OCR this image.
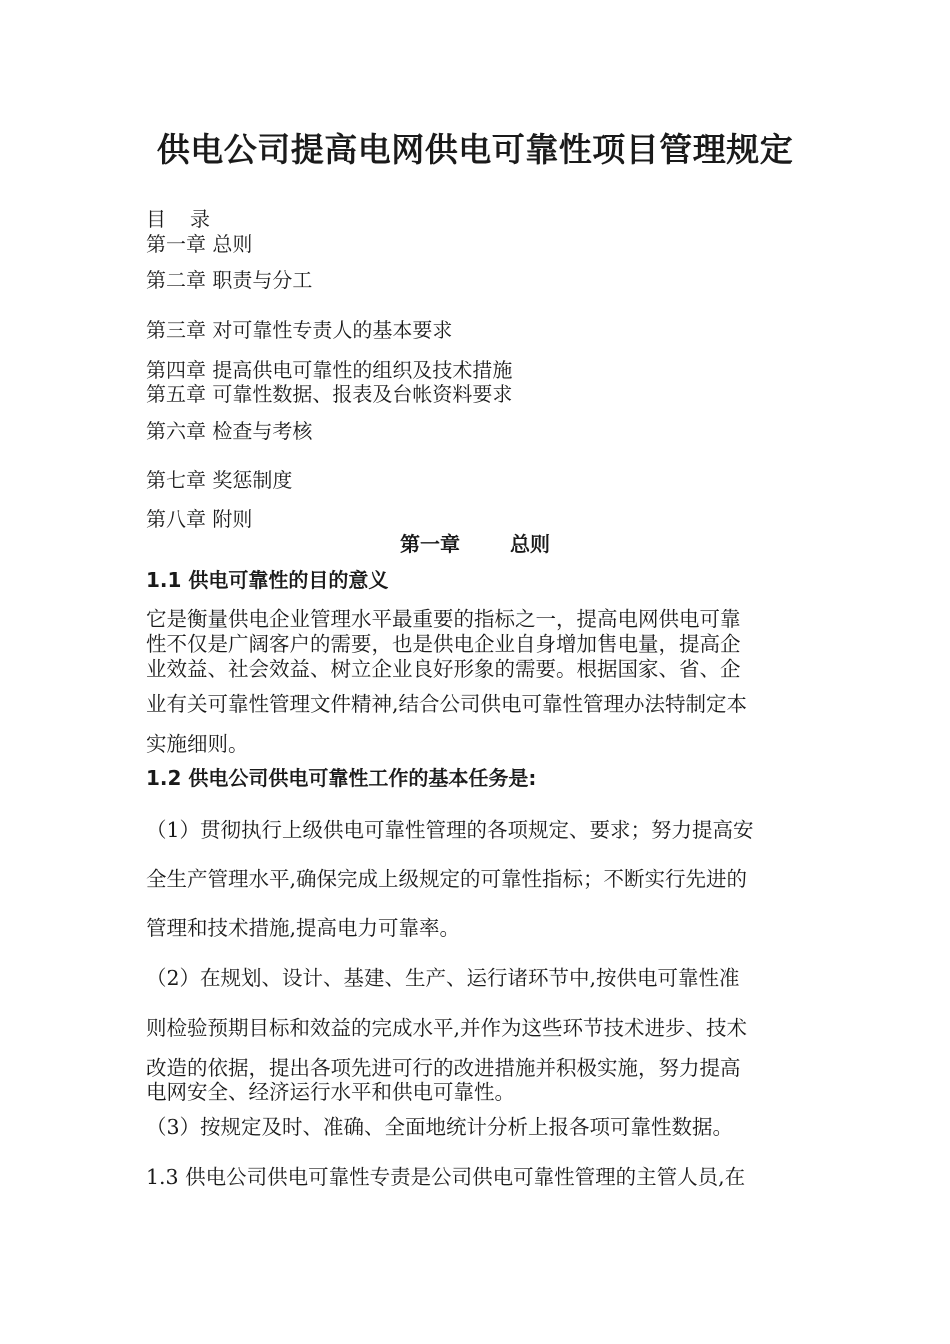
供电公司提高电网供电可靠性项目管理规定
目录
第一章 总则
第二章 职责与分工
第三章 对可靠性专责人的基本要求
第四章 提高供电可靠性的组织及技术措施
第五章 可靠性数据、报表及台帐资料要求
第六章 检查与考核
第七章 奖惩制度
第八章 附则
第一章	总则
1.1 供电可靠性的目的意义
它是衡量供电企业管理水平最重要的指标之一，提高电网供电可靠
性不仅是广阔客户的需要，也是供电企业自身增加售电量，提高企
业效益、社会效益、树立企业良好形象的需要。根据国家、省、企
业有关可靠性管理文件精神,结合公司供电可靠性管理办法特制定本
实施细则。
1.2 供电公司供电可靠性工作的基本任务是:
（1）贯彻执行上级供电可靠性管理的各项规定、要求；努力提高安
全生产管理水平,确保完成上级规定的可靠性指标；不断实行先进的
管理和技术措施,提高电力可靠率。
（2）在规划、设计、基建、生产、运行诸环节中,按供电可靠性准
则检验预期目标和效益的完成水平,并作为这些环节技术进步、技术
改造的依据，提出各项先进可行的改进措施并积极实施，努力提高
电网安全、经济运行水平和供电可靠性。
（3）按规定及时、准确、全面地统计分析上报各项可靠性数据。
1.3 供电公司供电可靠性专责是公司供电可靠性管理的主管人员,在
